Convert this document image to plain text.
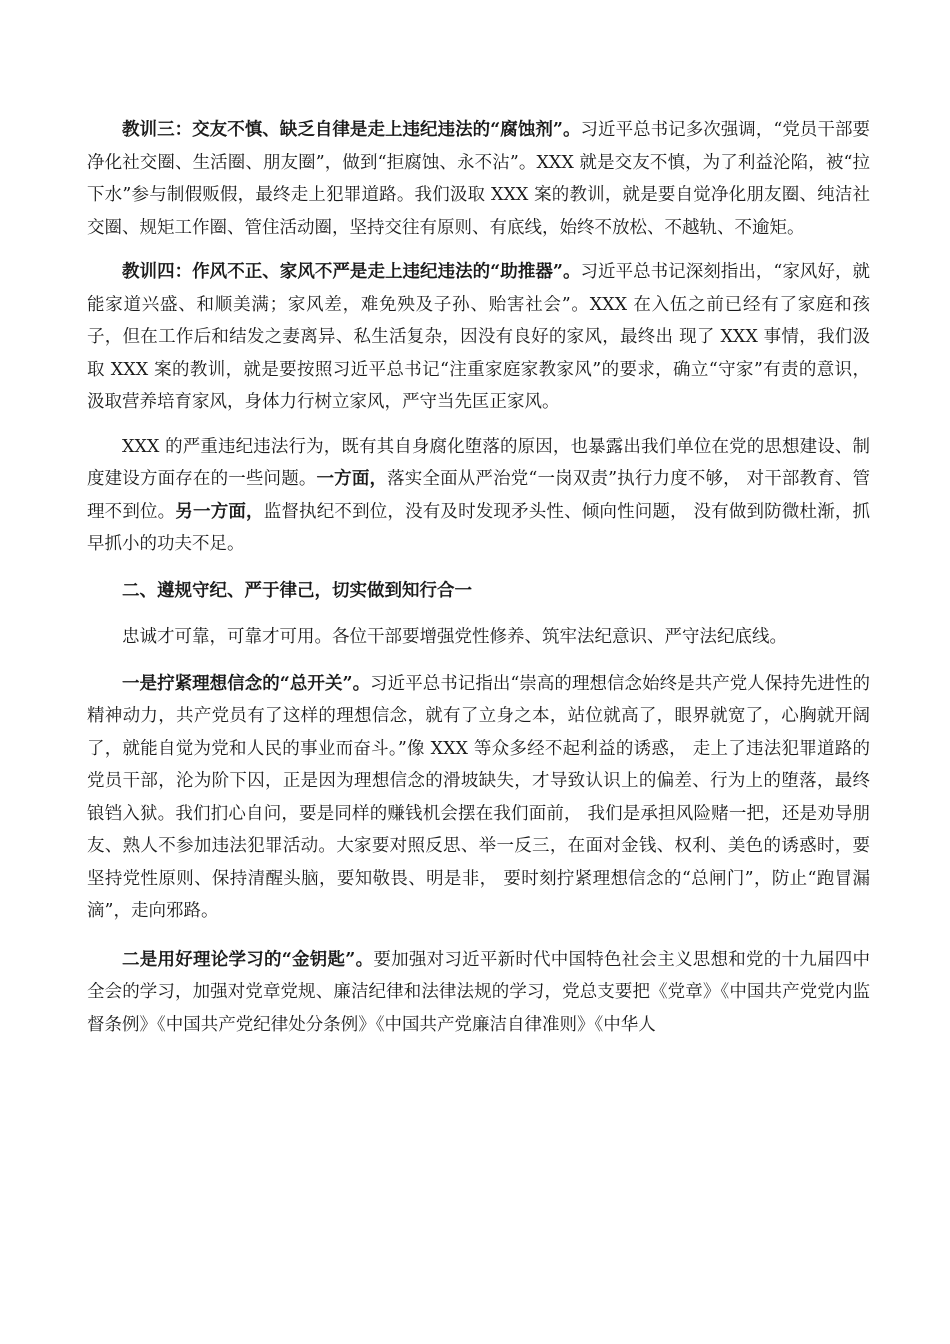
教训三：交友不慎、缺乏自律是走上违纪违法的“腐蚀剂”。习近平总书记多次强调，“党员干部要净化社交圈、生活圈、朋友圈”，做到“拒腐蚀、永不沾”。XXX 就是交友不慎，为了利益沦陷，被“拉下水”参与制假贩假，最终走上犯罪道路。我们汲取 XXX 案的教训，就是要自觉净化朋友圈、纯洁社交圈、规矩工作圈、管住活动圈，坚持交往有原则、有底线，始终不放松、不越轨、不逾矩。

教训四：作风不正、家风不严是走上违纪违法的“助推器”。习近平总书记深刻指出，“家风好，就能家道兴盛、和顺美满；家风差，难免殃及子孙、贻害社会”。XXX 在入伍之前已经有了家庭和孩子，但在工作后和结发之妻离异、私生活复杂，因没有良好的家风，最终出 现了 XXX 事情，我们汲取 XXX 案的教训，就是要按照习近平总书记“注重家庭家教家风”的要求，确立“守家”有责的意识，汲取营养培育家风，身体力行树立家风，严守当先匡正家风。

XXX 的严重违纪违法行为，既有其自身腐化堕落的原因，也暴露出我们单位在党的思想建设、制度建设方面存在的一些问题。一方面，落实全面从严治党“一岗双责”执行力度不够， 对干部教育、管理不到位。另一方面，监督执纪不到位，没有及时发现矛头性、倾向性问题， 没有做到防微杜渐，抓早抓小的功夫不足。

二、遵规守纪、严于律己，切实做到知行合一

忠诚才可靠，可靠才可用。各位干部要增强党性修养、筑牢法纪意识、严守法纪底线。

一是拧紧理想信念的“总开关”。习近平总书记指出“崇高的理想信念始终是共产党人保持先进性的精神动力，共产党员有了这样的理想信念，就有了立身之本，站位就高了，眼界就宽了，心胸就开阔了，就能自觉为党和人民的事业而奋斗。”像 XXX 等众多经不起利益的诱惑， 走上了违法犯罪道路的党员干部，沦为阶下囚，正是因为理想信念的滑坡缺失，才导致认识上的偏差、行为上的堕落，最终锒铛入狱。我们扪心自问，要是同样的赚钱机会摆在我们面前， 我们是承担风险赌一把，还是劝导朋友、熟人不参加违法犯罪活动。大家要对照反思、举一反三，在面对金钱、权利、美色的诱惑时，要坚持党性原则、保持清醒头脑，要知敬畏、明是非， 要时刻拧紧理想信念的“总闸门”，防止“跑冒漏滴”，走向邪路。

二是用好理论学习的“金钥匙”。要加强对习近平新时代中国特色社会主义思想和党的十九届四中全会的学习，加强对党章党规、廉洁纪律和法律法规的学习，党总支要把《党章》《中国共产党党内监督条例》《中国共产党纪律处分条例》《中国共产党廉洁自律准则》《中华人
